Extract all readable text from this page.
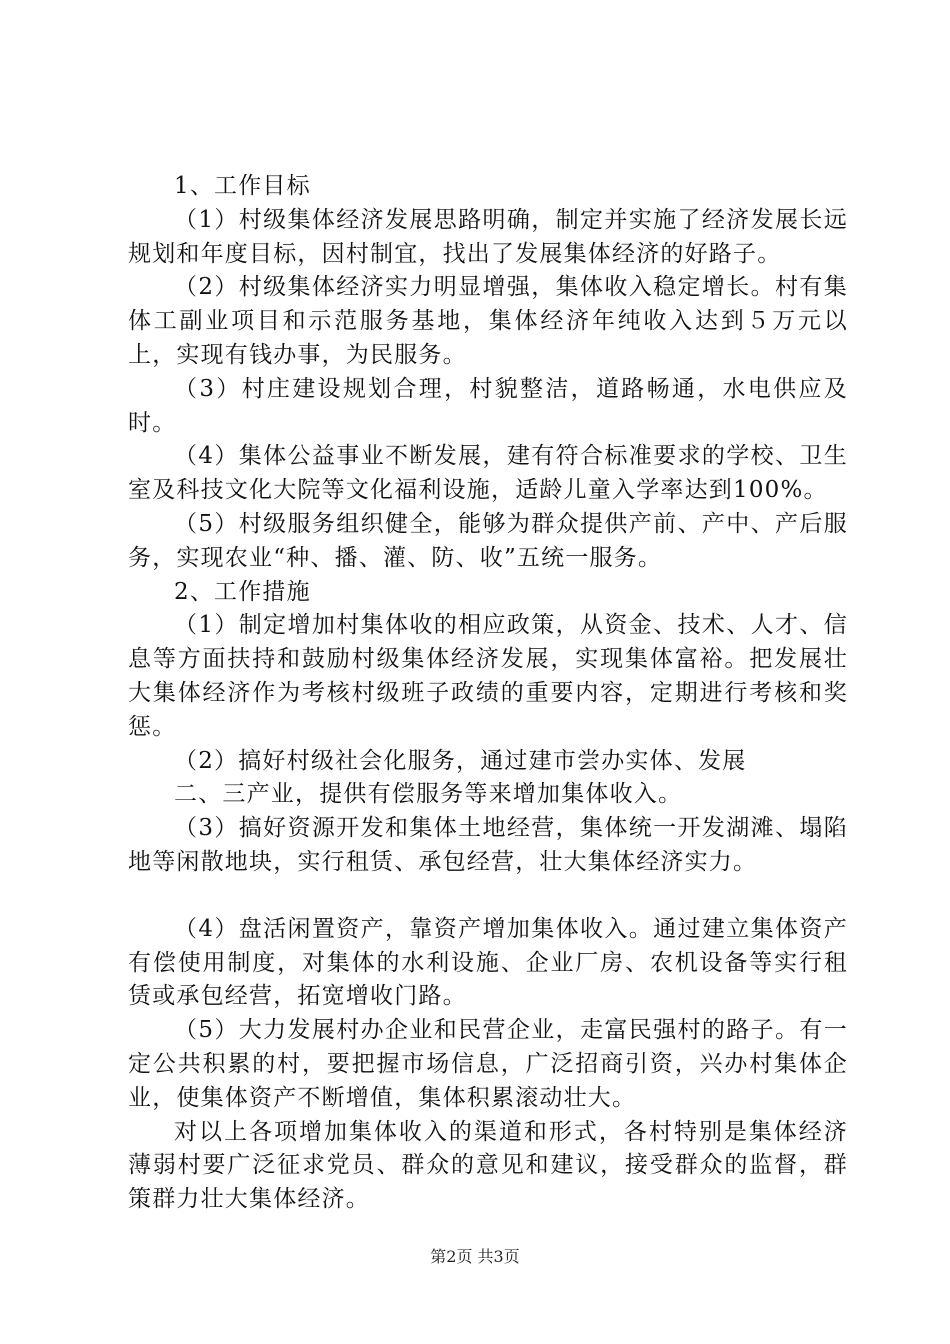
1、工作目标

（1）村级集体经济发展思路明确，制定并实施了经济发展长远规划和年度目标，因村制宜，找出了发展集体经济的好路子。

（2）村级集体经济实力明显增强，集体收入稳定增长。村有集体工副业项目和示范服务基地，集体经济年纯收入达到５万元以上，实现有钱办事，为民服务。

（3）村庄建设规划合理，村貌整洁，道路畅通，水电供应及时。

（4）集体公益事业不断发展，建有符合标准要求的学校、卫生室及科技文化大院等文化福利设施，适龄儿童入学率达到100%。

（5）村级服务组织健全，能够为群众提供产前、产中、产后服务，实现农业“种、播、灌、防、收”五统一服务。

2、工作措施

（1）制定增加村集体收的相应政策，从资金、技术、人才、信息等方面扶持和鼓励村级集体经济发展，实现集体富裕。把发展壮大集体经济作为考核村级班子政绩的重要内容，定期进行考核和奖惩。

（2）搞好村级社会化服务，通过建市尝办实体、发展

二、三产业，提供有偿服务等来增加集体收入。

（3）搞好资源开发和集体土地经营，集体统一开发湖滩、塌陷地等闲散地块，实行租赁、承包经营，壮大集体经济实力。

（4）盘活闲置资产，靠资产增加集体收入。通过建立集体资产有偿使用制度，对集体的水利设施、企业厂房、农机设备等实行租赁或承包经营，拓宽增收门路。

（5）大力发展村办企业和民营企业，走富民强村的路子。有一定公共积累的村，要把握市场信息，广泛招商引资，兴办村集体企业，使集体资产不断增值，集体积累滚动壮大。

对以上各项增加集体收入的渠道和形式，各村特别是集体经济薄弱村要广泛征求党员、群众的意见和建议，接受群众的监督，群策群力壮大集体经济。

第2页 共3页
